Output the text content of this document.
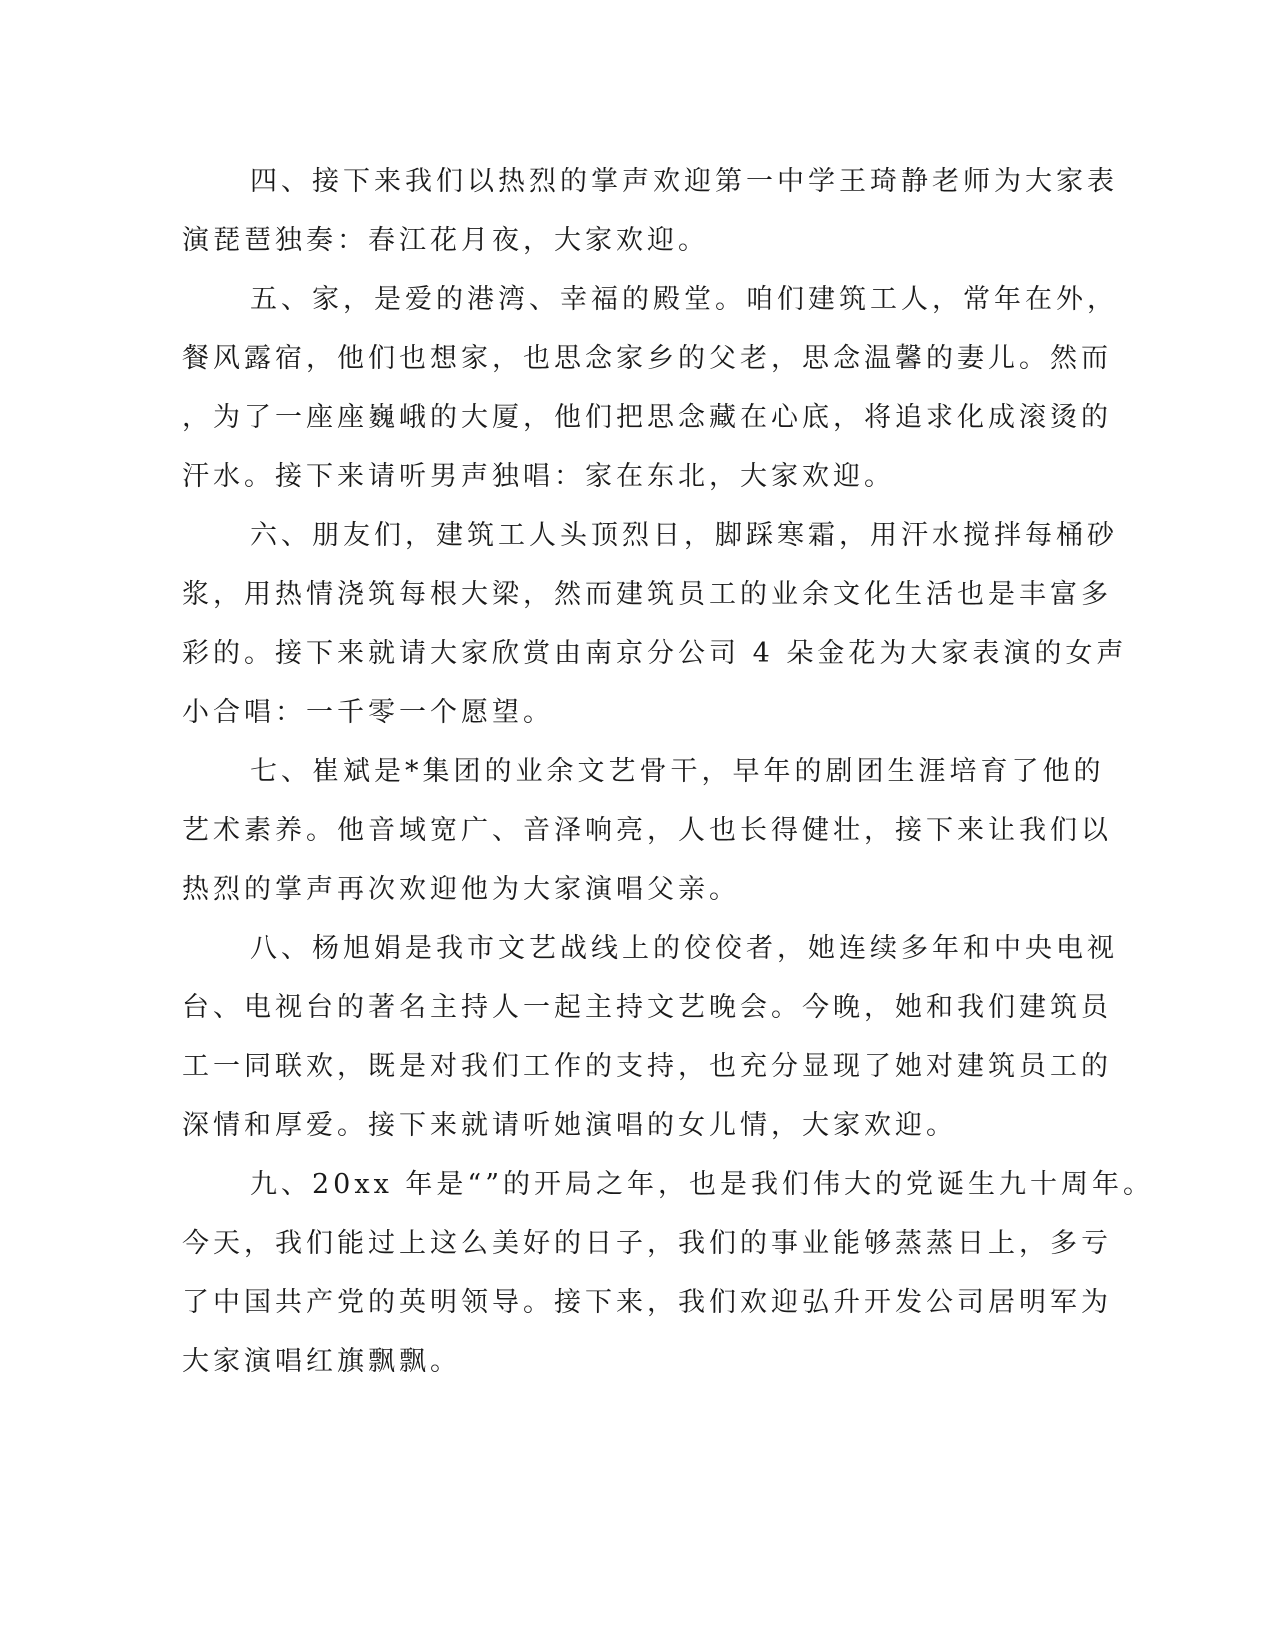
四、接下来我们以热烈的掌声欢迎第一中学王琦静老师为大家表
演琵琶独奏：春江花月夜，大家欢迎。

五、家，是爱的港湾、幸福的殿堂。咱们建筑工人，常年在外，
餐风露宿，他们也想家，也思念家乡的父老，思念温馨的妻儿。然而
，为了一座座巍峨的大厦，他们把思念藏在心底，将追求化成滚烫的
汗水。接下来请听男声独唱：家在东北，大家欢迎。

六、朋友们，建筑工人头顶烈日，脚踩寒霜，用汗水搅拌每桶砂
浆，用热情浇筑每根大梁，然而建筑员工的业余文化生活也是丰富多
彩的。接下来就请大家欣赏由南京分公司 4 朵金花为大家表演的女声
小合唱：一千零一个愿望。

七、崔斌是*集团的业余文艺骨干，早年的剧团生涯培育了他的
艺术素养。他音域宽广、音泽响亮，人也长得健壮，接下来让我们以
热烈的掌声再次欢迎他为大家演唱父亲。

八、杨旭娟是我市文艺战线上的佼佼者，她连续多年和中央电视
台、电视台的著名主持人一起主持文艺晚会。今晚，她和我们建筑员
工一同联欢，既是对我们工作的支持，也充分显现了她对建筑员工的
深情和厚爱。接下来就请听她演唱的女儿情，大家欢迎。

九、20xx 年是“”的开局之年，也是我们伟大的党诞生九十周年。
今天，我们能过上这么美好的日子，我们的事业能够蒸蒸日上，多亏
了中国共产党的英明领导。接下来，我们欢迎弘升开发公司居明军为
大家演唱红旗飘飘。
